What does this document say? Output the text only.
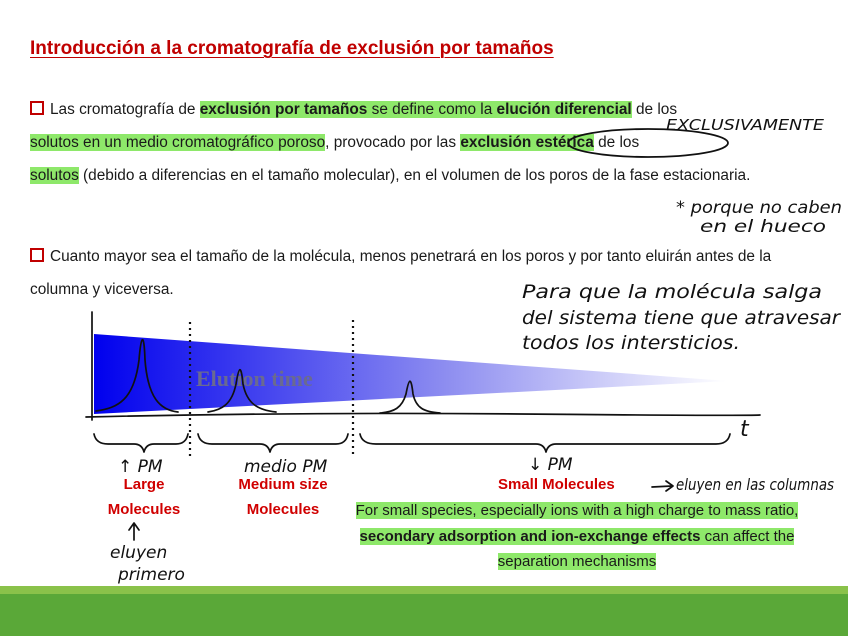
Introducción a la cromatografía de exclusión por tamaños
Las cromatografía de exclusión por tamaños se define como la elución diferencial de los
solutos en un medio cromatográfico poroso, provocado por las exclusión estérica de los
solutos (debido a diferencias en el tamaño molecular), en el volumen de los poros de la fase estacionaria.
Cuanto mayor sea el tamaño de la molécula, menos penetrará en los poros y por tanto eluirán antes de la columna y viceversa.
EXCLUSIVAMENTE
* porque no caben
en el hueco
Para que la molécula salga
del sistema tiene que atravesar
todos los intersticios.
Elution time
t
↑ PM	medio PM	↓ PM
eluyen en las columnas
eluyen
primero
Large
Molecules
Medium size
Molecules
Small Molecules
For small species, especially ions with a high charge to mass ratio, secondary adsorption and ion-exchange effects can affect the separation mechanisms
